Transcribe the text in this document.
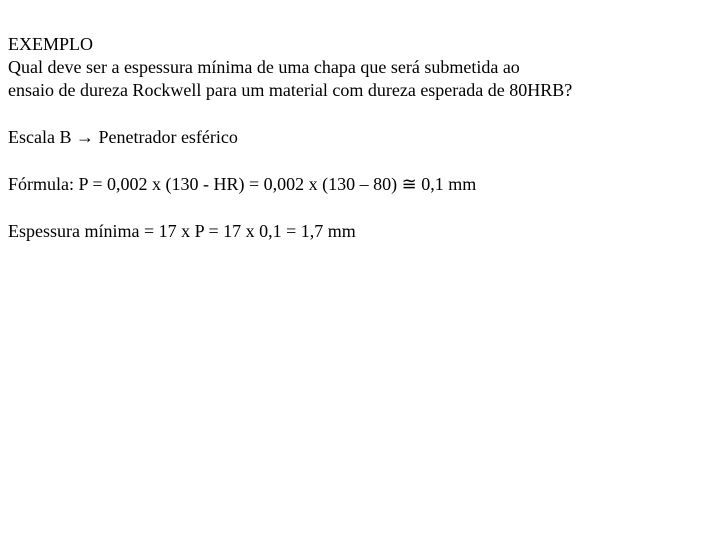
EXEMPLO
Qual deve ser a espessura mínima de uma chapa que será submetida ao
ensaio de dureza Rockwell para um material com dureza esperada de 80HRB?
Escala B → Penetrador esférico
Fórmula: P = 0,002 x (130 - HR) = 0,002 x (130 – 80) ≅ 0,1 mm
Espessura mínima = 17 x P = 17 x 0,1 = 1,7 mm
